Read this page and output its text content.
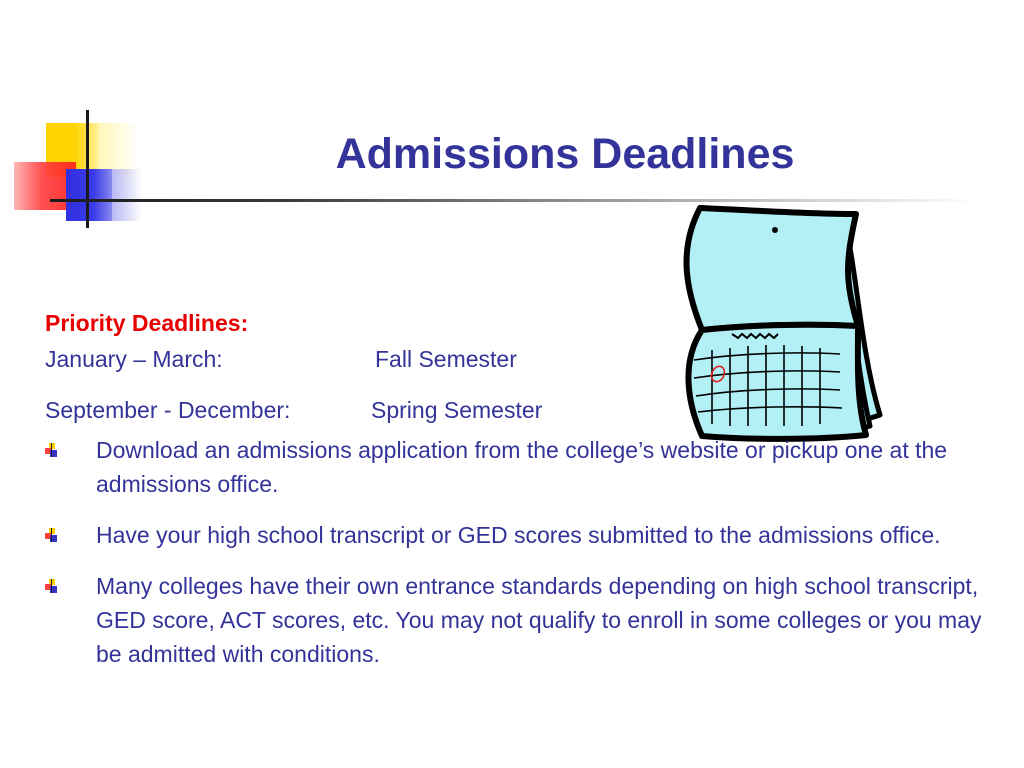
Admissions Deadlines

Priority Deadlines:

January – March:	Fall Semester
September - December:	Spring Semester
Download an admissions application from the college’s website or pickup one at the admissions office.
Have your high school transcript or GED scores submitted to the admissions office.
Many colleges have their own entrance standards depending on high school transcript, GED score, ACT scores, etc. You may not qualify to enroll in some colleges or you may be admitted with conditions.
